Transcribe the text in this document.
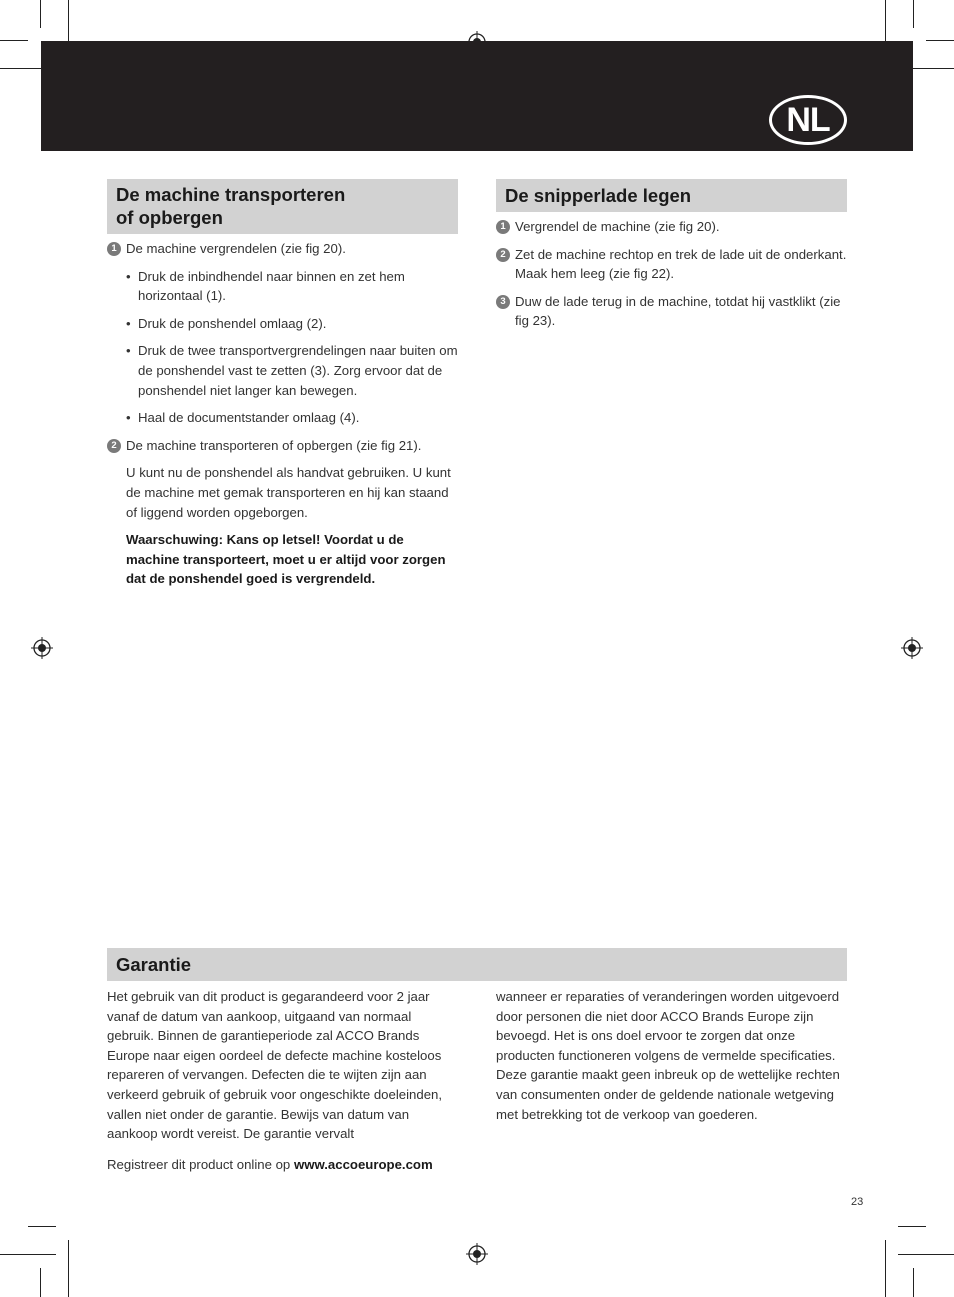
NL
De machine transporteren
of opbergen
1 De machine vergrendelen (zie fig 20).
• Druk de inbindhendel naar binnen en zet hem horizontaal (1).
• Druk de ponshendel omlaag (2).
• Druk de twee transportvergrendelingen naar buiten om de ponshendel vast te zetten (3). Zorg ervoor dat de ponshendel niet langer kan bewegen.
• Haal de documentstander omlaag (4).
2 De machine transporteren of opbergen (zie fig 21).
U kunt nu de ponshendel als handvat gebruiken. U kunt de machine met gemak transporteren en hij kan staand of liggend worden opgeborgen.
Waarschuwing: Kans op letsel! Voordat u de machine transporteert, moet u er altijd voor zorgen dat de ponshendel goed is vergrendeld.
De snipperlade legen
1 Vergrendel de machine (zie fig 20).
2 Zet de machine rechtop en trek de lade uit de onderkant. Maak hem leeg (zie fig 22).
3 Duw de lade terug in de machine, totdat hij vastklikt (zie fig 23).
Garantie

Het gebruik van dit product is gegarandeerd voor 2 jaar vanaf de datum van aankoop, uitgaand van normaal gebruik. Binnen de garantieperiode zal ACCO Brands Europe naar eigen oordeel de defecte machine kosteloos repareren of vervangen. Defecten die te wijten zijn aan verkeerd gebruik of gebruik voor ongeschikte doeleinden, vallen niet onder de garantie. Bewijs van datum van aankoop wordt vereist. De garantie vervalt

Registreer dit product online op www.accoeurope.com

wanneer er reparaties of veranderingen worden uitgevoerd door personen die niet door ACCO Brands Europe zijn bevoegd. Het is ons doel ervoor te zorgen dat onze producten functioneren volgens de vermelde specificaties. Deze garantie maakt geen inbreuk op de wettelijke rechten van consumenten onder de geldende nationale wetgeving met betrekking tot de verkoop van goederen.

23
